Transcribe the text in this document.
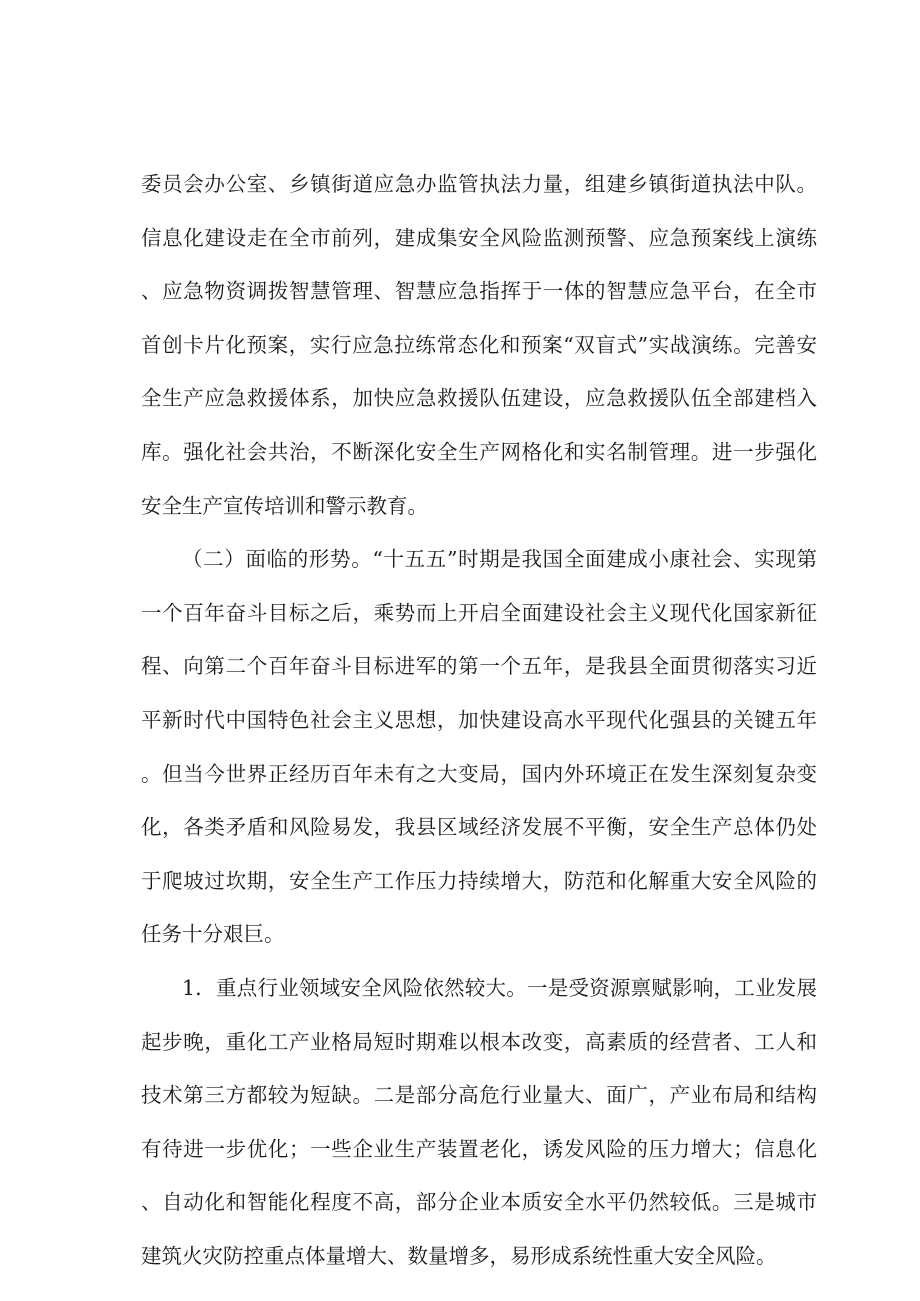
委员会办公室、乡镇街道应急办监管执法力量，组建乡镇街道执法中队。信息化建设走在全市前列，建成集安全风险监测预警、应急预案线上演练、应急物资调拨智慧管理、智慧应急指挥于一体的智慧应急平台，在全市首创卡片化预案，实行应急拉练常态化和预案“双盲式”实战演练。完善安全生产应急救援体系，加快应急救援队伍建设，应急救援队伍全部建档入库。强化社会共治，不断深化安全生产网格化和实名制管理。进一步强化安全生产宣传培训和警示教育。

（二）面临的形势。“十五五”时期是我国全面建成小康社会、实现第一个百年奋斗目标之后，乘势而上开启全面建设社会主义现代化国家新征程、向第二个百年奋斗目标进军的第一个五年，是我县全面贯彻落实习近平新时代中国特色社会主义思想，加快建设高水平现代化强县的关键五年。但当今世界正经历百年未有之大变局，国内外环境正在发生深刻复杂变化，各类矛盾和风险易发，我县区域经济发展不平衡，安全生产总体仍处于爬坡过坎期，安全生产工作压力持续增大，防范和化解重大安全风险的任务十分艰巨。

1．重点行业领域安全风险依然较大。一是受资源禀赋影响，工业发展起步晚，重化工产业格局短时期难以根本改变，高素质的经营者、工人和技术第三方都较为短缺。二是部分高危行业量大、面广，产业布局和结构有待进一步优化；一些企业生产装置老化，诱发风险的压力增大；信息化、自动化和智能化程度不高，部分企业本质安全水平仍然较低。三是城市建筑火灾防控重点体量增大、数量增多，易形成系统性重大安全风险。
